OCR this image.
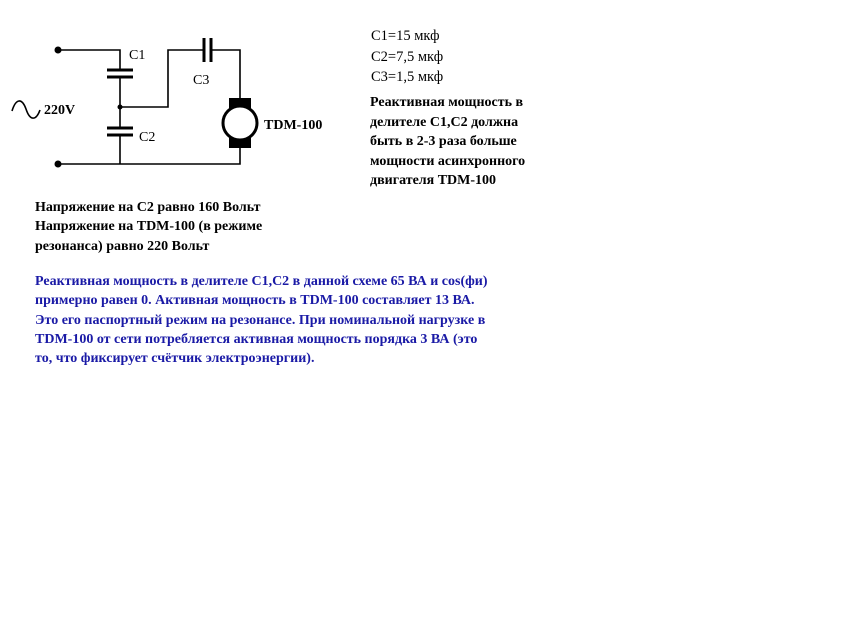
220V
C1
C2
C3
TDM-100
C1=15 мкф
C2=7,5 мкф
C3=1,5 мкф
Реактивная мощность в
делителе С1,С2 должна
быть в 2-3 раза больше
мощности асинхронного
двигателя TDM-100
Напряжение на С2 равно 160 Вольт
Напряжение на TDM-100 (в режиме
резонанса) равно 220 Вольт
Реактивная мощность в делителе С1,С2 в данной схеме 65 ВА и cos(фи)
примерно равен 0. Активная мощность в TDM-100 составляет 13 ВА.
Это его паспортный режим на резонансе. При номинальной нагрузке в
TDM-100 от сети потребляется активная мощность порядка 3 ВА (это
то, что фиксирует счётчик электроэнергии).
